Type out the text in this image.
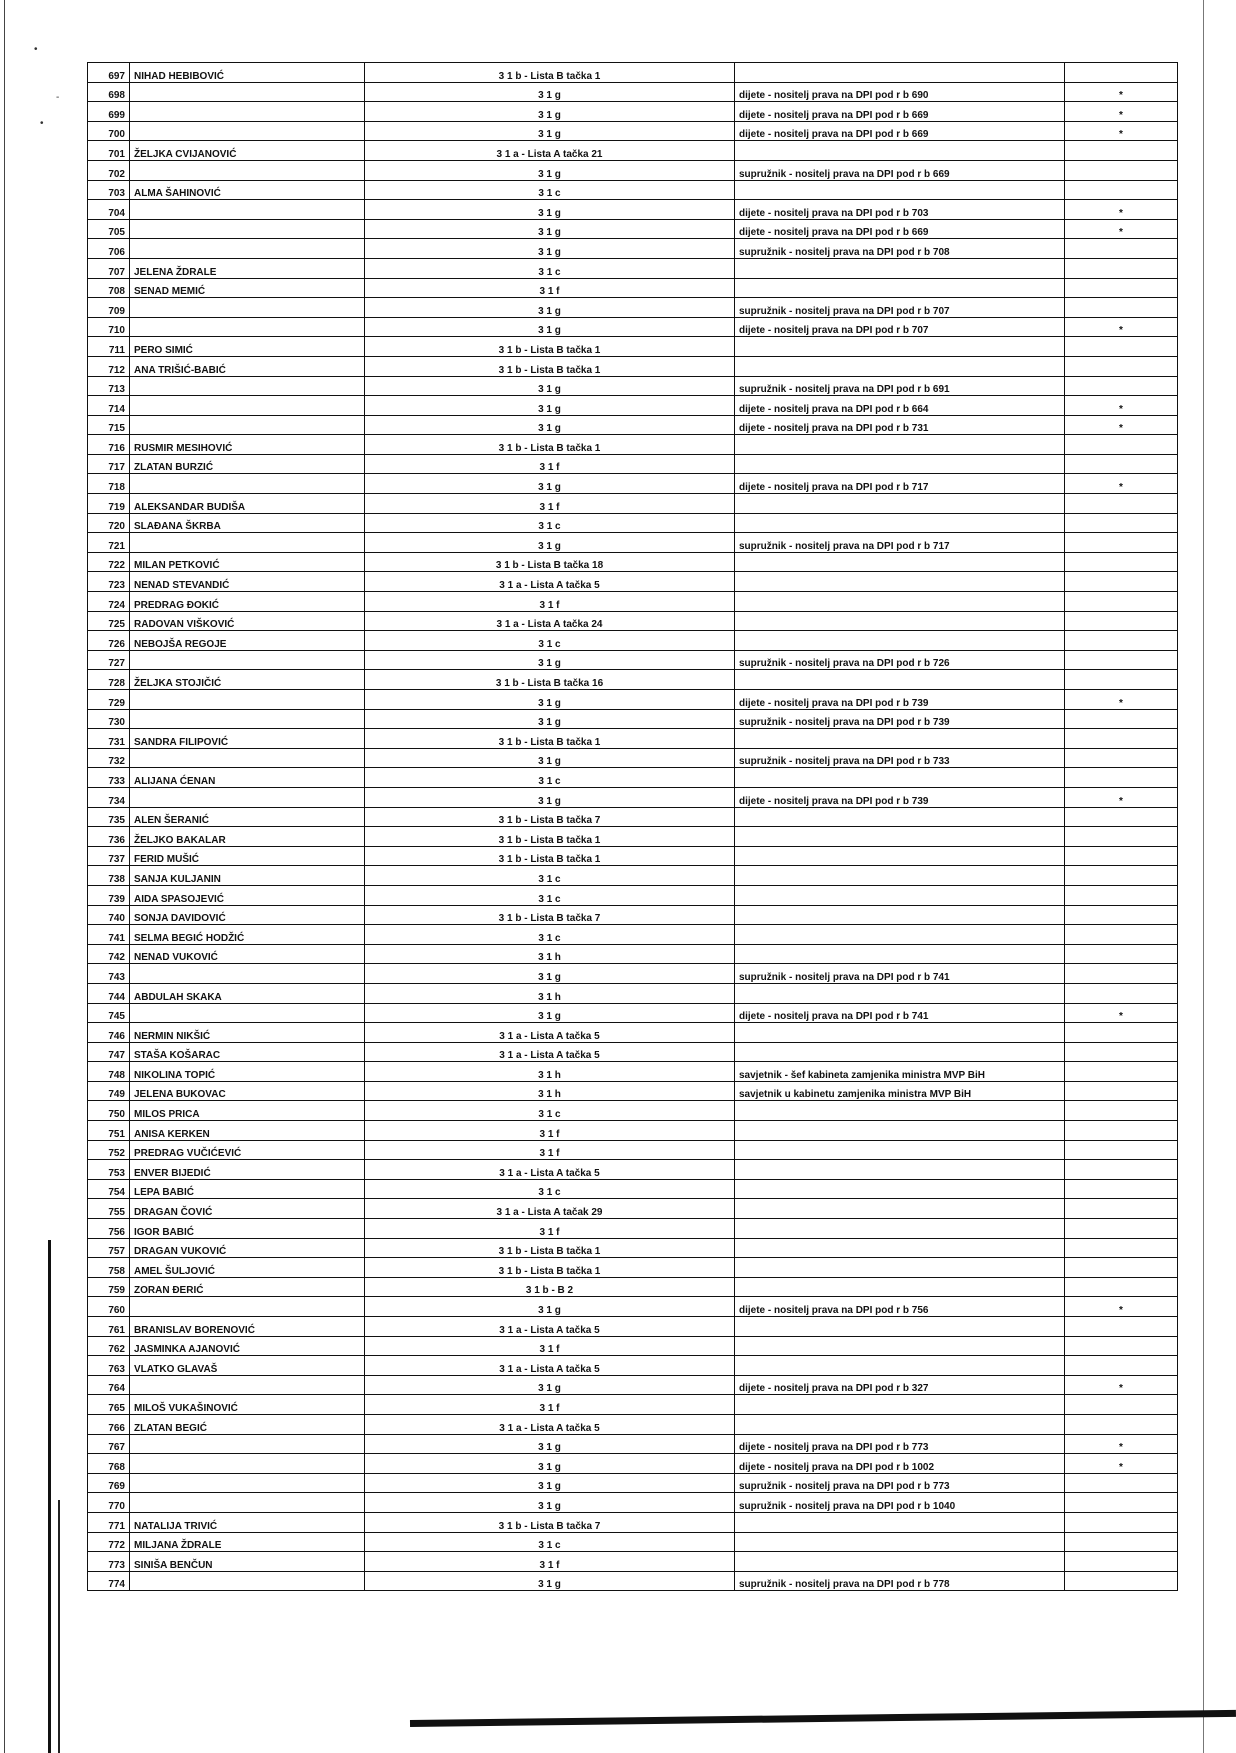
•
-
•
697	NIHAD HEBIBOVIĆ	3 1 b - Lista B tačka 1		
698		3 1 g	dijete - nositelj prava na DPI pod r b 690	*
699		3 1 g	dijete - nositelj prava na DPI pod r b 669	*
700		3 1 g	dijete - nositelj prava na DPI pod r b 669	*
701	ŽELJKA CVIJANOVIĆ	3 1 a - Lista A tačka 21		
702		3 1 g	supružnik - nositelj prava na DPI pod r b 669	
703	ALMA ŠAHINOVIĆ	3 1 c		
704		3 1 g	dijete - nositelj prava na DPI pod r b 703	*
705		3 1 g	dijete - nositelj prava na DPI pod r b 669	*
706		3 1 g	supružnik - nositelj prava na DPI pod r b 708	
707	JELENA ŽDRALE	3 1 c		
708	SENAD MEMIĆ	3 1 f		
709		3 1 g	supružnik - nositelj prava na DPI pod r b 707	
710		3 1 g	dijete - nositelj prava na DPI pod r b 707	*
711	PERO SIMIĆ	3 1 b - Lista B tačka 1		
712	ANA TRIŠIĆ-BABIĆ	3 1 b - Lista B tačka 1		
713		3 1 g	supružnik - nositelj prava na DPI pod r b 691	
714		3 1 g	dijete - nositelj prava na DPI pod r b 664	*
715		3 1 g	dijete - nositelj prava na DPI pod r b 731	*
716	RUSMIR MESIHOVIĆ	3 1 b - Lista B tačka 1		
717	ZLATAN BURZIĆ	3 1 f		
718		3 1 g	dijete - nositelj prava na DPI pod r b 717	*
719	ALEKSANDAR BUDIŠA	3 1 f		
720	SLAĐANA ŠKRBA	3 1 c		
721		3 1 g	supružnik - nositelj prava na DPI pod r b 717	
722	MILAN PETKOVIĆ	3 1 b - Lista B tačka 18		
723	NENAD STEVANDIĆ	3 1 a - Lista A tačka 5		
724	PREDRAG ĐOKIĆ	3 1 f		
725	RADOVAN VIŠKOVIĆ	3 1 a - Lista A tačka 24		
726	NEBOJŠA REGOJE	3 1 c		
727		3 1 g	supružnik - nositelj prava na DPI pod r b 726	
728	ŽELJKA STOJIČIĆ	3 1 b - Lista B tačka 16		
729		3 1 g	dijete - nositelj prava na DPI pod r b 739	*
730		3 1 g	supružnik - nositelj prava na DPI pod r b 739	
731	SANDRA FILIPOVIĆ	3 1 b - Lista B tačka 1		
732		3 1 g	supružnik - nositelj prava na DPI pod r b 733	
733	ALIJANA ĆENAN	3 1 c		
734		3 1 g	dijete - nositelj prava na DPI pod r b 739	*
735	ALEN ŠERANIĆ	3 1 b - Lista B tačka 7		
736	ŽELJKO BAKALAR	3 1 b - Lista B tačka 1		
737	FERID MUŠIĆ	3 1 b - Lista B tačka 1		
738	SANJA KULJANIN	3 1 c		
739	AIDA SPASOJEVIĆ	3 1 c		
740	SONJA DAVIDOVIĆ	3 1 b - Lista B tačka 7		
741	SELMA BEGIĆ HODŽIĆ	3 1 c		
742	NENAD VUKOVIĆ	3 1 h		
743		3 1 g	supružnik - nositelj prava na DPI pod r b 741	
744	ABDULAH SKAKA	3 1 h		
745		3 1 g	dijete - nositelj prava na DPI pod r b 741	*
746	NERMIN NIKŠIĆ	3 1 a - Lista A tačka 5		
747	STAŠA KOŠARAC	3 1 a - Lista A tačka 5		
748	NIKOLINA TOPIĆ	3 1 h	savjetnik - šef kabineta zamjenika ministra MVP BiH	
749	JELENA BUKOVAC	3 1 h	savjetnik u kabinetu zamjenika ministra MVP BiH	
750	MILOS PRICA	3 1 c		
751	ANISA KERKEN	3 1 f		
752	PREDRAG VUČIĆEVIĆ	3 1 f		
753	ENVER BIJEDIĆ	3 1 a - Lista A tačka 5		
754	LEPA BABIĆ	3 1 c		
755	DRAGAN ČOVIĆ	3 1 a - Lista A tačak 29		
756	IGOR BABIĆ	3 1 f		
757	DRAGAN VUKOVIĆ	3 1 b - Lista B tačka 1		
758	AMEL ŠULJOVIĆ	3 1 b - Lista B tačka 1		
759	ZORAN ĐERIĆ	3 1 b - B 2		
760		3 1 g	dijete - nositelj prava na DPI pod r b 756	*
761	BRANISLAV BORENOVIĆ	3 1 a - Lista A tačka 5		
762	JASMINKA AJANOVIĆ	3 1 f		
763	VLATKO GLAVAŠ	3 1 a - Lista A tačka 5		
764		3 1 g	dijete - nositelj prava na DPI pod r b 327	*
765	MILOŠ VUKAŠINOVIĆ	3 1 f		
766	ZLATAN BEGIĆ	3 1 a - Lista A tačka 5		
767		3 1 g	dijete - nositelj prava na DPI pod r b 773	*
768		3 1 g	dijete - nositelj prava na DPI pod r b 1002	*
769		3 1 g	supružnik - nositelj prava na DPI pod r b 773	
770		3 1 g	supružnik - nositelj prava na DPI pod r b 1040	
771	NATALIJA TRIVIĆ	3 1 b - Lista B tačka 7		
772	MILJANA ŽDRALE	3 1 c		
773	SINIŠA BENČUN	3 1 f		
774		3 1 g	supružnik - nositelj prava na DPI pod r b 778	
